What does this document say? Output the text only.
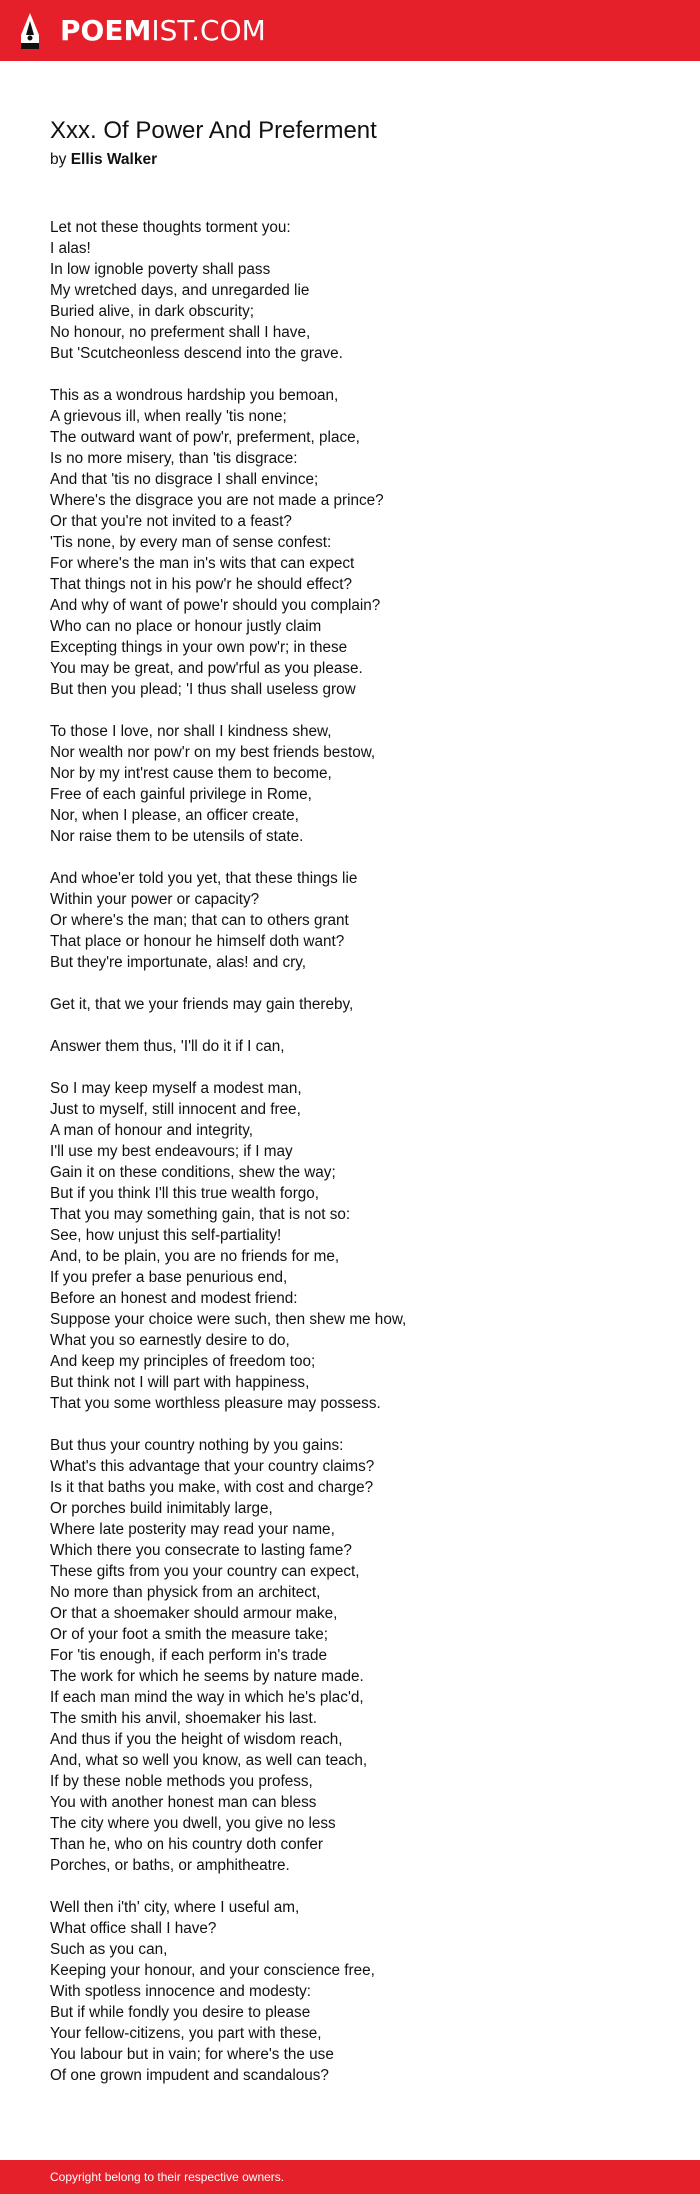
POEMIST.COM
Xxx. Of Power And Preferment
by Ellis Walker
Let not these thoughts torment you:
I alas!
In low ignoble poverty shall pass
My wretched days, and unregarded lie
Buried alive, in dark obscurity;
No honour, no preferment shall I have,
But 'Scutcheonless descend into the grave.
This as a wondrous hardship you bemoan,
A grievous ill, when really 'tis none;
The outward want of pow'r, preferment, place,
Is no more misery, than 'tis disgrace:
And that 'tis no disgrace I shall envince;
Where's the disgrace you are not made a prince?
Or that you're not invited to a feast?
'Tis none, by every man of sense confest:
For where's the man in's wits that can expect
That things not in his pow'r he should effect?
And why of want of powe'r should you complain?
Who can no place or honour justly claim
Excepting things in your own pow'r; in these
You may be great, and pow'rful as you please.
But then you plead; 'I thus shall useless grow
To those I love, nor shall I kindness shew,
Nor wealth nor pow'r on my best friends bestow,
Nor by my int'rest cause them to become,
Free of each gainful privilege in Rome,
Nor, when I please, an officer create,
Nor raise them to be utensils of state.
And whoe'er told you yet, that these things lie
Within your power or capacity?
Or where's the man; that can to others grant
That place or honour he himself doth want?
But they're importunate, alas! and cry,
Get it, that we your friends may gain thereby,
Answer them thus, 'I'll do it if I can,
So I may keep myself a modest man,
Just to myself, still innocent and free,
A man of honour and integrity,
I'll use my best endeavours; if I may
Gain it on these conditions, shew the way;
But if you think I'll this true wealth forgo,
That you may something gain, that is not so:
See, how unjust this self-partiality!
And, to be plain, you are no friends for me,
If you prefer a base penurious end,
Before an honest and modest friend:
Suppose your choice were such, then shew me how,
What you so earnestly desire to do,
And keep my principles of freedom too;
But think not I will part with happiness,
That you some worthless pleasure may possess.
But thus your country nothing by you gains:
What's this advantage that your country claims?
Is it that baths you make, with cost and charge?
Or porches build inimitably large,
Where late posterity may read your name,
Which there you consecrate to lasting fame?
These gifts from you your country can expect,
No more than physick from an architect,
Or that a shoemaker should armour make,
Or of your foot a smith the measure take;
For 'tis enough, if each perform in's trade
The work for which he seems by nature made.
If each man mind the way in which he's plac'd,
The smith his anvil, shoemaker his last.
And thus if you the height of wisdom reach,
And, what so well you know, as well can teach,
If by these noble methods you profess,
You with another honest man can bless
The city where you dwell, you give no less
Than he, who on his country doth confer
Porches, or baths, or amphitheatre.
Well then i'th' city, where I useful am,
What office shall I have?
Such as you can,
Keeping your honour, and your conscience free,
With spotless innocence and modesty:
But if while fondly you desire to please
Your fellow-citizens, you part with these,
You labour but in vain; for where's the use
Of one grown impudent and scandalous?
Copyright belong to their respective owners.
